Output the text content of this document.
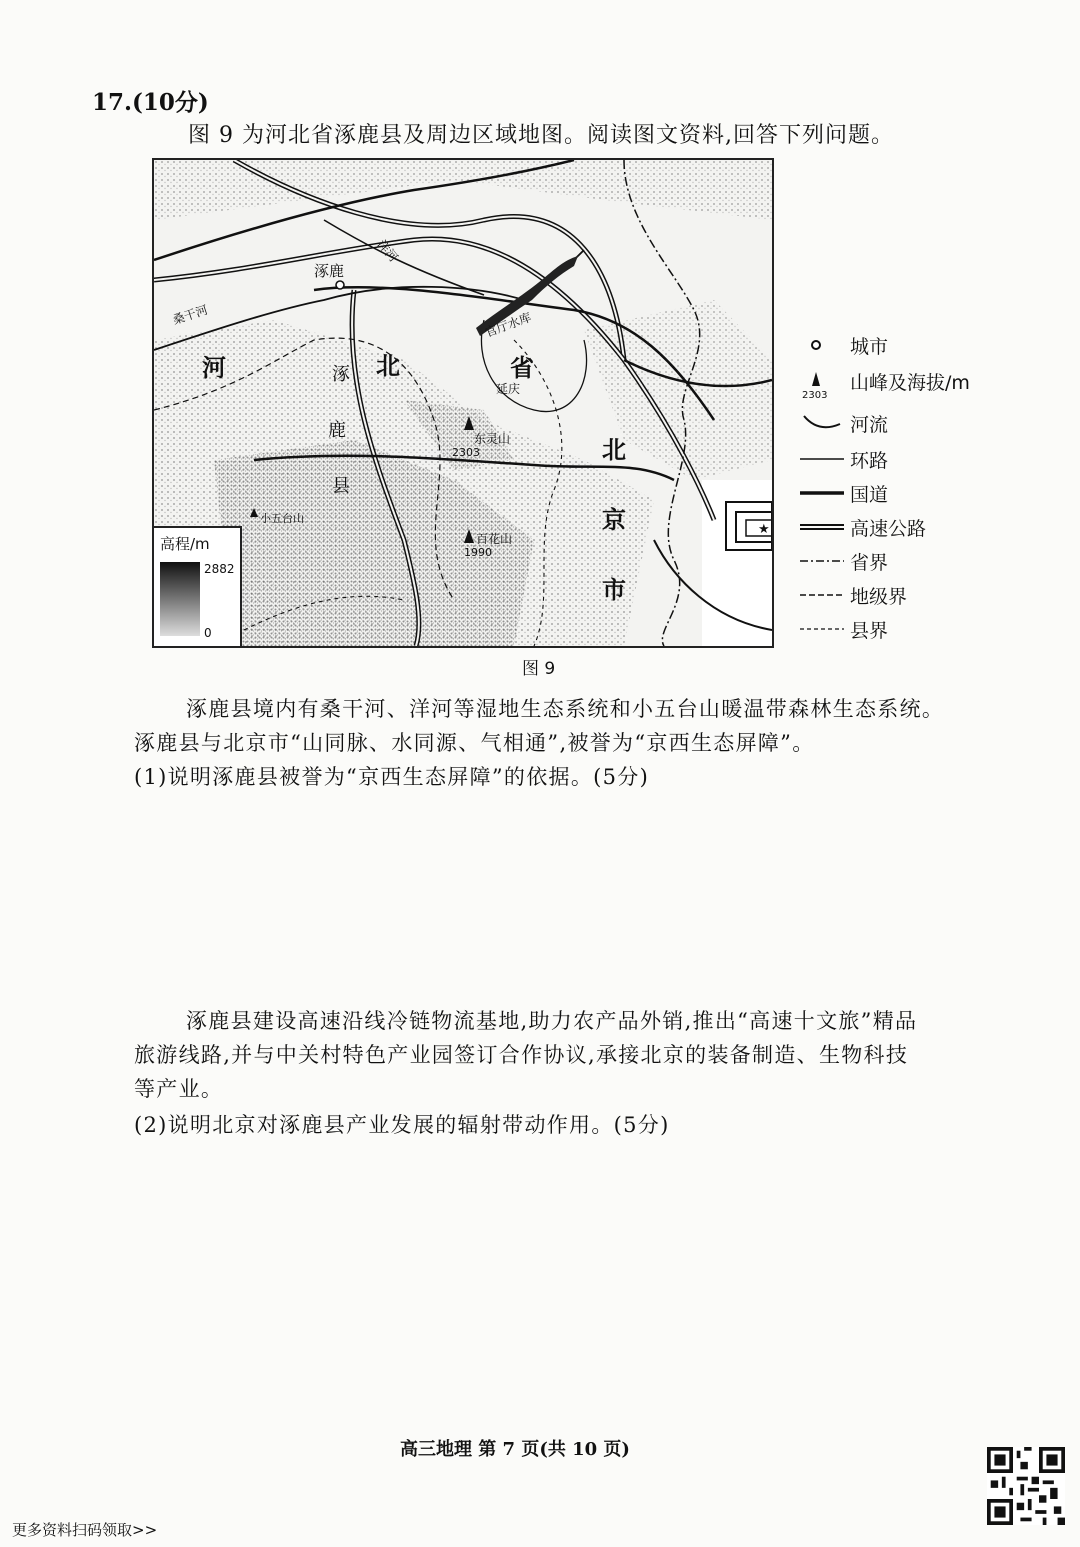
17.(10分)
图 9 为河北省涿鹿县及周边区域地图。阅读图文资料,回答下列问题。
★
涿鹿
洋河
桑干河	官厅水库
延庆
河	北	省
涿
鹿
县
北
京
市
东灵山
2303
百花山
1990
小五台山
高程/m
2882
0
城市
2303
山峰及海拔/m
河流
环路
国道
高速公路
省界
地级界
县界
图 9
涿鹿县境内有桑干河、洋河等湿地生态系统和小五台山暖温带森林生态系统。
涿鹿县与北京市“山同脉、水同源、气相通”,被誉为“京西生态屏障”。
(1)说明涿鹿县被誉为“京西生态屏障”的依据。(5分)
涿鹿县建设高速沿线冷链物流基地,助力农产品外销,推出“高速十文旅”精品
旅游线路,并与中关村特色产业园签订合作协议,承接北京的装备制造、生物科技
等产业。
(2)说明北京对涿鹿县产业发展的辐射带动作用。(5分)
高三地理 第 7 页(共 10 页)
更多资料扫码领取>>
